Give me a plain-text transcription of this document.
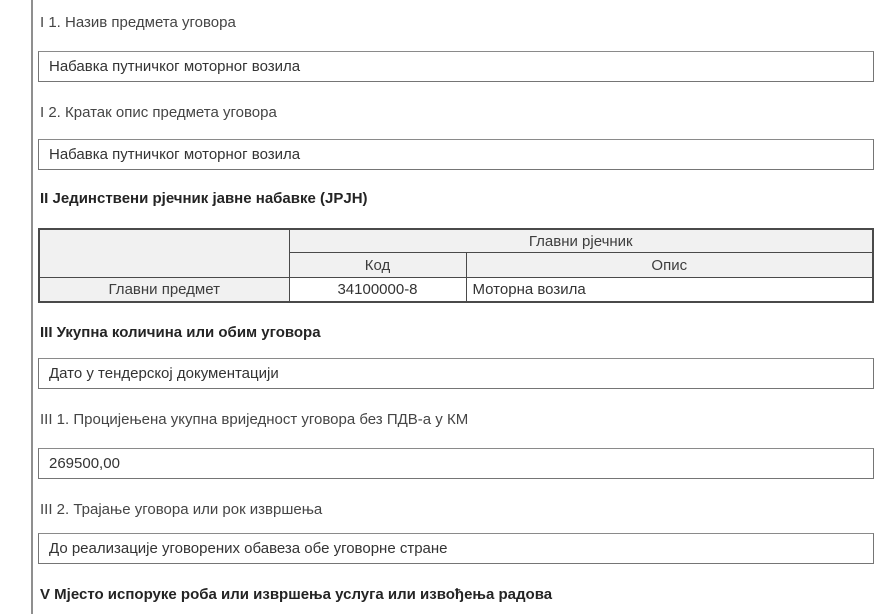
I 1. Назив предмета уговора
Набавка путничког моторног возила
I 2. Кратак опис предмета уговора
Набавка путничког моторног возила
II Јединствени рјечник јавне набавке (ЈРЈН)
	Главни рјечник	
	Код	Опис
Главни предмет	34100000-8	Моторна возила
III Укупна количина или обим уговора
Дато у тендерској документацији
III 1. Процијењена укупна вриједност уговора без ПДВ-а у КМ
269500,00
III 2. Трајање уговора или рок извршења
До реализације уговорених обавеза обе уговорне стране
V Мјесто испоруке роба или извршења услуга или извођења радова
